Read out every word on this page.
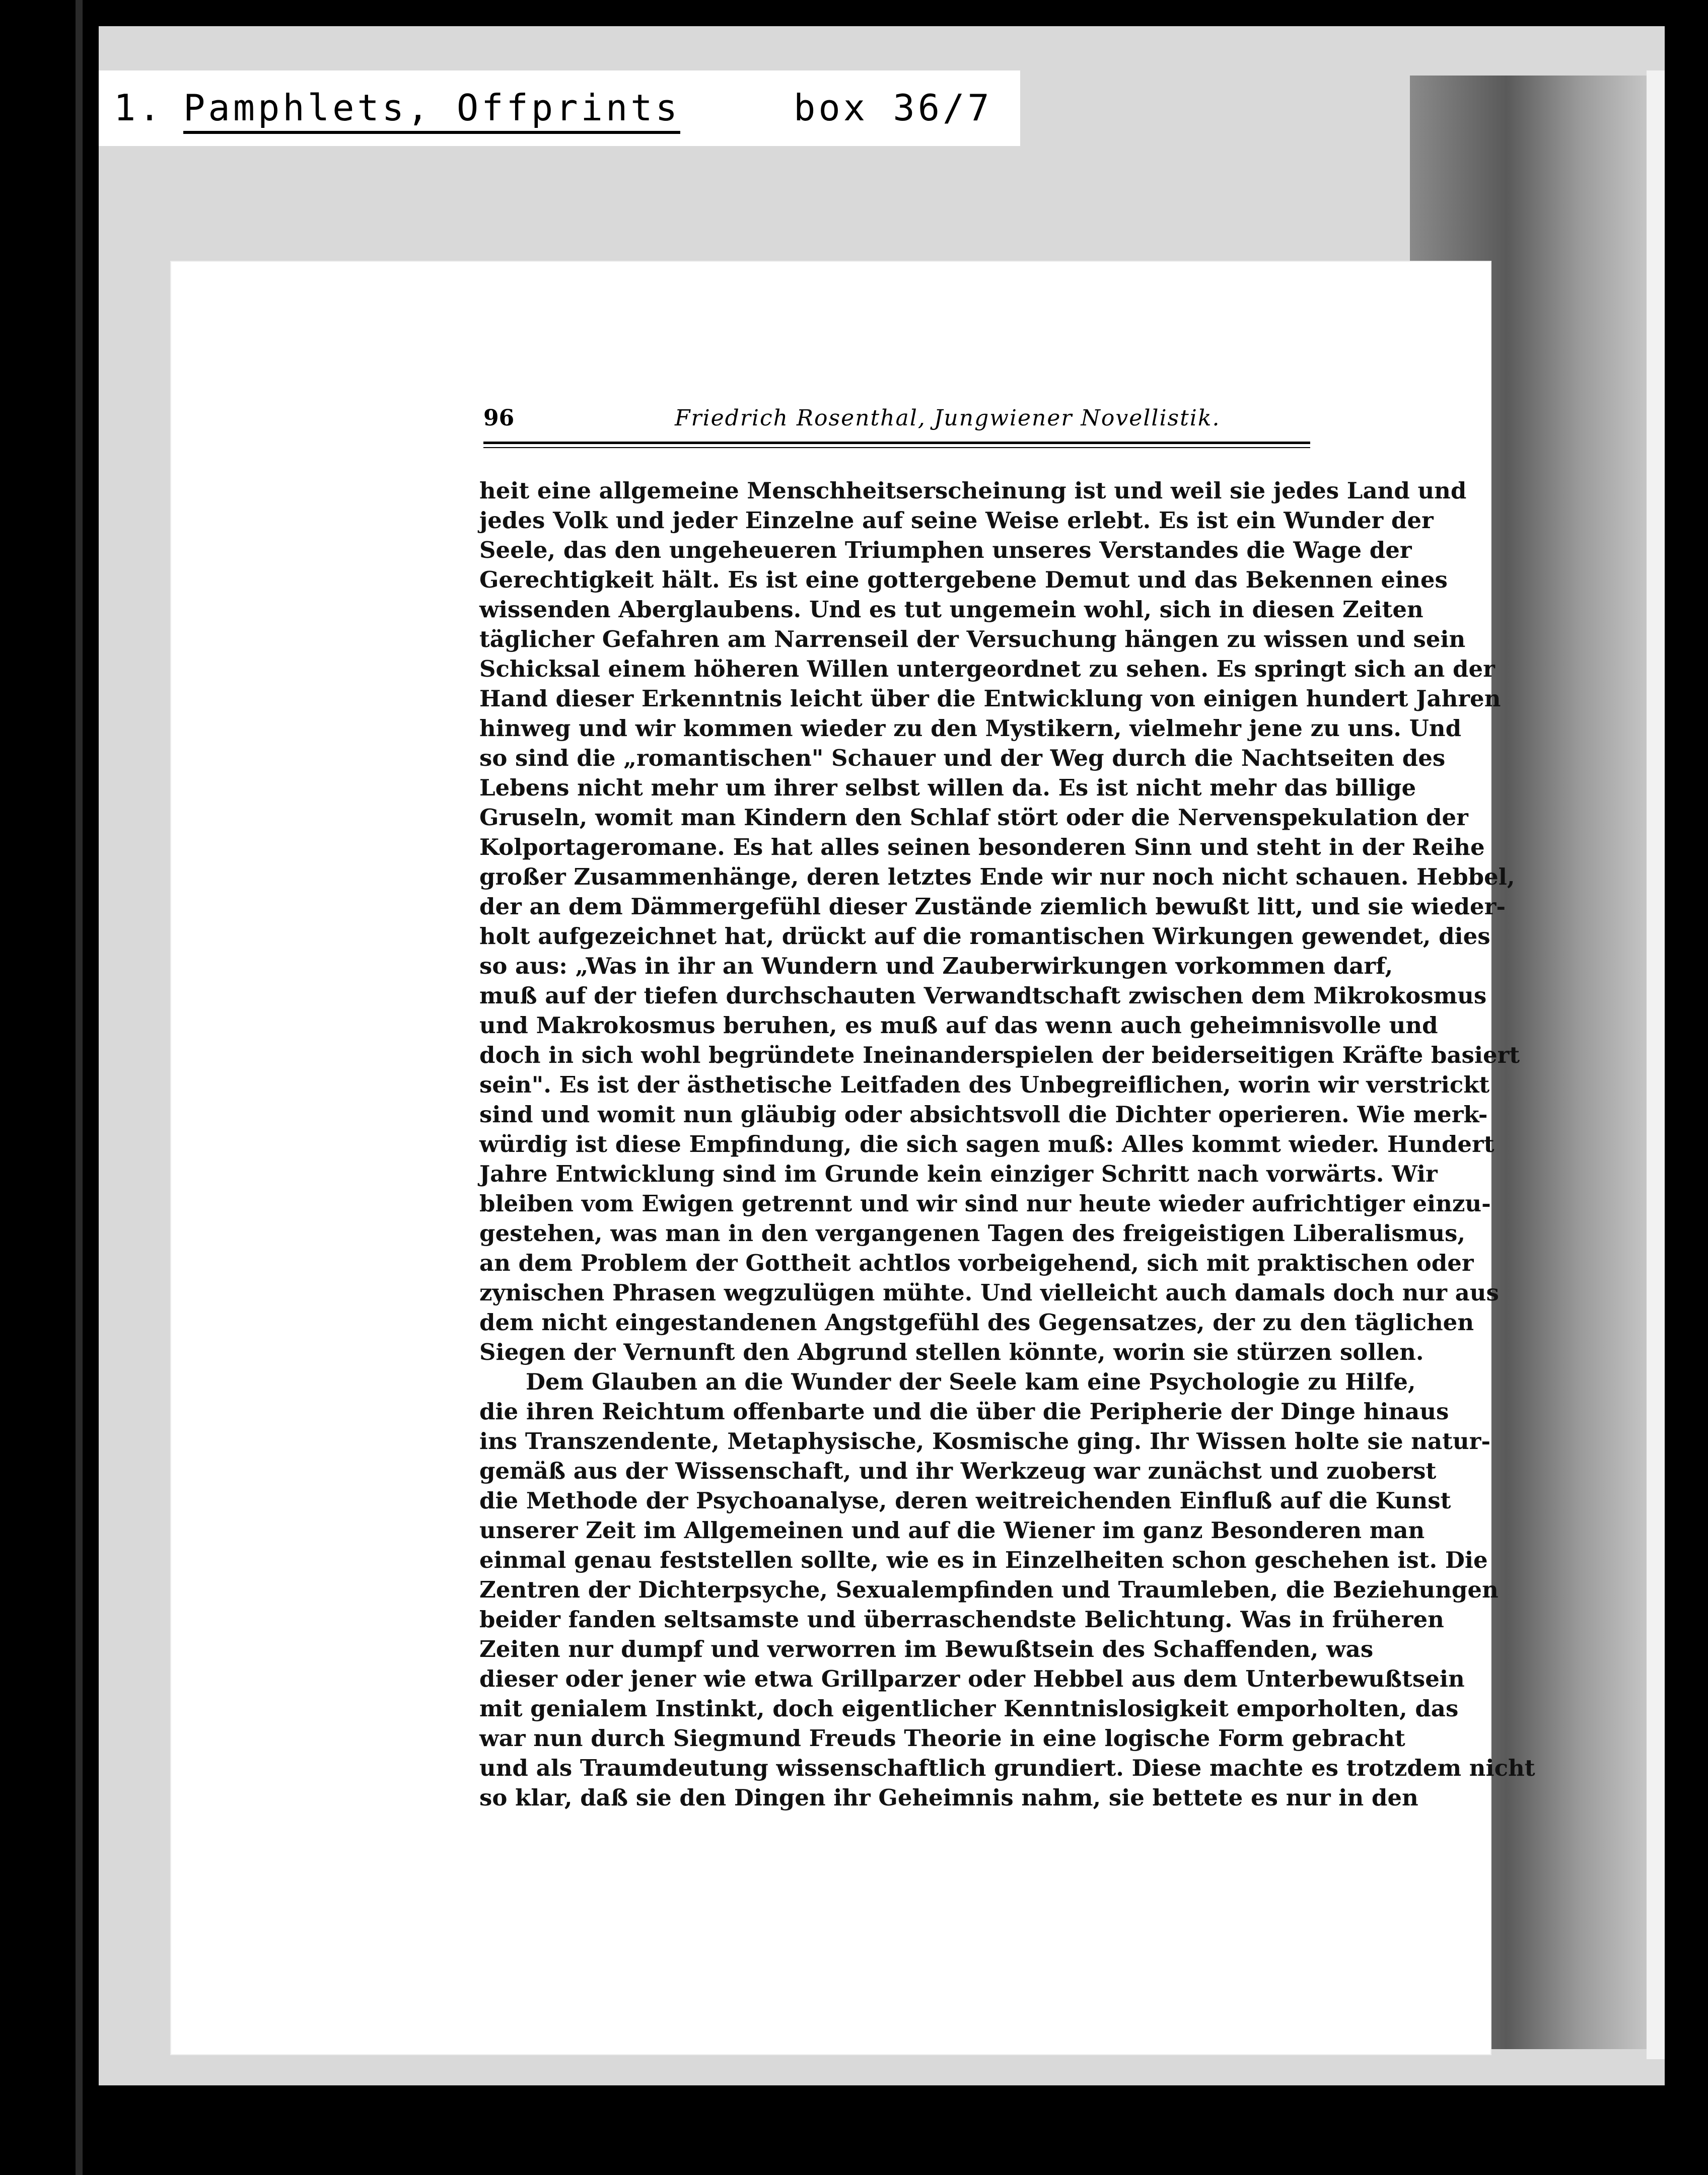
1. Pamphlets, Offprints	box 36/7
96	Friedrich Rosenthal, Jungwiener Novellistik.
heit eine allgemeine Menschheitserscheinung ist und weil sie jedes Land und
jedes Volk und jeder Einzelne auf seine Weise erlebt. Es ist ein Wunder der
Seele, das den ungeheueren Triumphen unseres Verstandes die Wage der
Gerechtigkeit hält. Es ist eine gottergebene Demut und das Bekennen eines
wissenden Aberglaubens. Und es tut ungemein wohl, sich in diesen Zeiten
täglicher Gefahren am Narrenseil der Versuchung hängen zu wissen und sein
Schicksal einem höheren Willen untergeordnet zu sehen. Es springt sich an der
Hand dieser Erkenntnis leicht über die Entwicklung von einigen hundert Jahren
hinweg und wir kommen wieder zu den Mystikern, vielmehr jene zu uns. Und
so sind die „romantischen" Schauer und der Weg durch die Nachtseiten des
Lebens nicht mehr um ihrer selbst willen da. Es ist nicht mehr das billige
Gruseln, womit man Kindern den Schlaf stört oder die Nervenspekulation der
Kolportageromane. Es hat alles seinen besonderen Sinn und steht in der Reihe
großer Zusammenhänge, deren letztes Ende wir nur noch nicht schauen. Hebbel,
der an dem Dämmergefühl dieser Zustände ziemlich bewußt litt, und sie wieder-
holt aufgezeichnet hat, drückt auf die romantischen Wirkungen gewendet, dies
so aus: „Was in ihr an Wundern und Zauberwirkungen vorkommen darf,
muß auf der tiefen durchschauten Verwandtschaft zwischen dem Mikrokosmus
und Makrokosmus beruhen, es muß auf das wenn auch geheimnisvolle und
doch in sich wohl begründete Ineinanderspielen der beiderseitigen Kräfte basiert
sein". Es ist der ästhetische Leitfaden des Unbegreiflichen, worin wir verstrickt
sind und womit nun gläubig oder absichtsvoll die Dichter operieren. Wie merk-
würdig ist diese Empfindung, die sich sagen muß: Alles kommt wieder. Hundert
Jahre Entwicklung sind im Grunde kein einziger Schritt nach vorwärts. Wir
bleiben vom Ewigen getrennt und wir sind nur heute wieder aufrichtiger einzu-
gestehen, was man in den vergangenen Tagen des freigeistigen Liberalismus,
an dem Problem der Gottheit achtlos vorbeigehend, sich mit praktischen oder
zynischen Phrasen wegzulügen mühte. Und vielleicht auch damals doch nur aus
dem nicht eingestandenen Angstgefühl des Gegensatzes, der zu den täglichen
Siegen der Vernunft den Abgrund stellen könnte, worin sie stürzen sollen.
Dem Glauben an die Wunder der Seele kam eine Psychologie zu Hilfe,
die ihren Reichtum offenbarte und die über die Peripherie der Dinge hinaus
ins Transzendente, Metaphysische, Kosmische ging. Ihr Wissen holte sie natur-
gemäß aus der Wissenschaft, und ihr Werkzeug war zunächst und zuoberst
die Methode der Psychoanalyse, deren weitreichenden Einfluß auf die Kunst
unserer Zeit im Allgemeinen und auf die Wiener im ganz Besonderen man
einmal genau feststellen sollte, wie es in Einzelheiten schon geschehen ist. Die
Zentren der Dichterpsyche, Sexualempfinden und Traumleben, die Beziehungen
beider fanden seltsamste und überraschendste Belichtung. Was in früheren
Zeiten nur dumpf und verworren im Bewußtsein des Schaffenden, was
dieser oder jener wie etwa Grillparzer oder Hebbel aus dem Unterbewußtsein
mit genialem Instinkt, doch eigentlicher Kenntnislosigkeit emporholten, das
war nun durch Siegmund Freuds Theorie in eine logische Form gebracht
und als Traumdeutung wissenschaftlich grundiert. Diese machte es trotzdem nicht
so klar, daß sie den Dingen ihr Geheimnis nahm, sie bettete es nur in den
